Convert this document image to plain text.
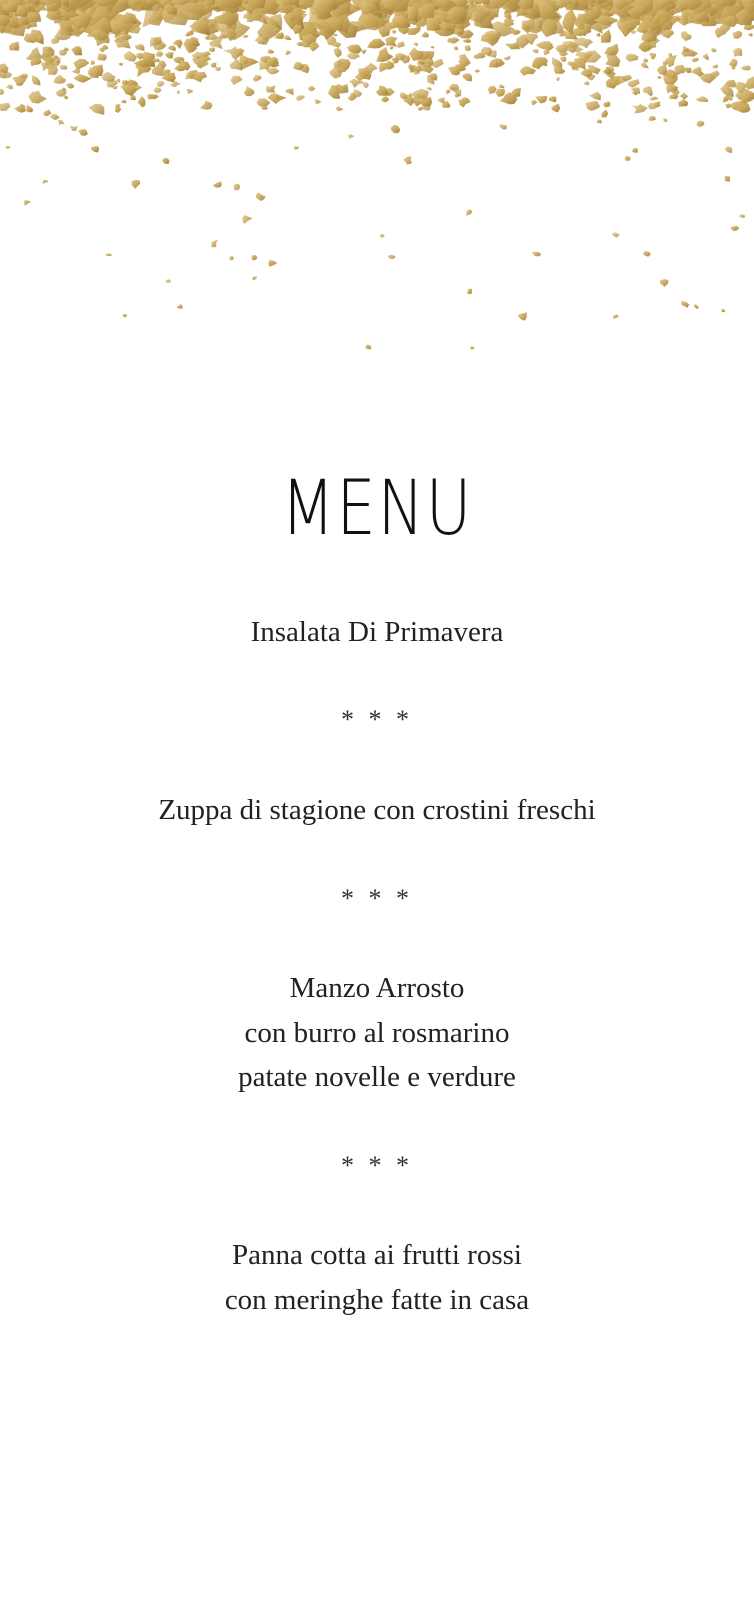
MENU
Insalata Di Primavera
* * *
Zuppa di stagione con crostini freschi
* * *
Manzo Arrosto
con burro al rosmarino
patate novelle e verdure
* * *
Panna cotta ai frutti rossi
con meringhe fatte in casa
